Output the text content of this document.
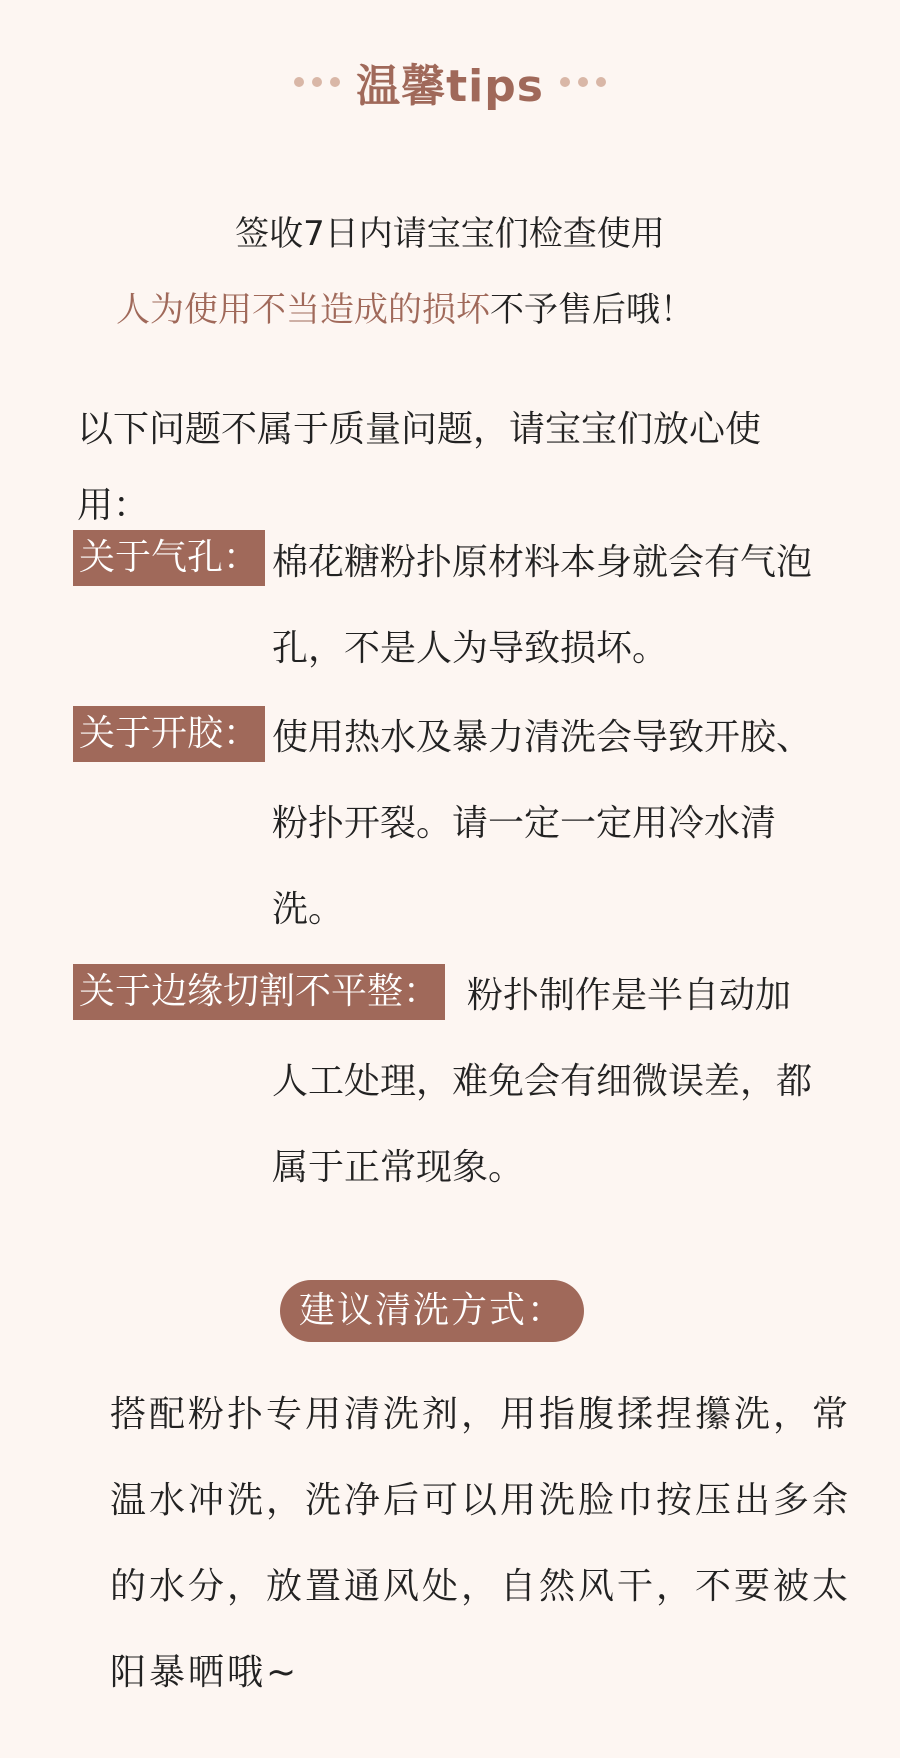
温馨tips
签收7日内请宝宝们检查使用
人为使用不当造成的损坏不予售后哦！
以下问题不属于质量问题，请宝宝们放心使用：
关于气孔： 棉花糖粉扑原材料本身就会有气泡孔，不是人为导致损坏。
关于开胶： 使用热水及暴力清洗会导致开胶、粉扑开裂。请一定一定用冷水清洗。
关于边缘切割不平整： 粉扑制作是半自动加
人工处理，难免会有细微误差，都属于正常现象。
建议清洗方式：
搭配粉扑专用清洗剂，用指腹揉捏攥洗，常温水冲洗，洗净后可以用洗脸巾按压出多余的水分，放置通风处，自然风干，不要被太阳暴晒哦~
